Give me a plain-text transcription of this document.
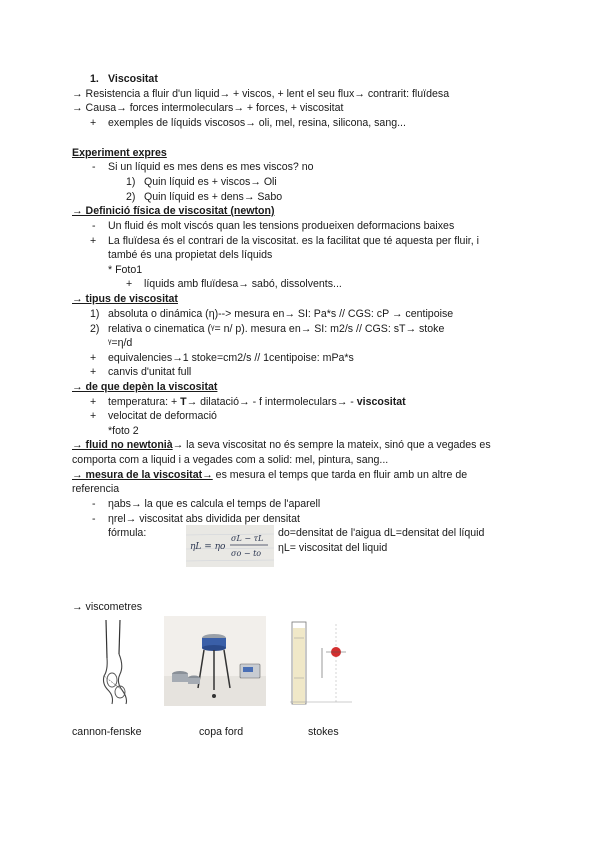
1. Viscositat
→ Resistencia a fluir d'un liquid→ + viscos, + lent el seu flux→ contrarit: fluïdesa
→ Causa→ forces intermoleculars→ + forces, + viscositat
+ exemples de líquids viscosos→ oli, mel, resina, silicona, sang...
Experiment expres
- Si un líquid es mes dens es mes viscos? no
1) Quin líquid es + viscos→ Oli
2) Quin líquid es + dens→ Sabo
→ Definició física de viscositat (newton)
- Un fluid és molt viscós quan les tensions produeixen deformacions baixes
+ La fluïdesa és el contrari de la viscositat. es la facilitat que té aquesta per fluir, i
també és una propietat dels líquids
* Foto1
+ líquids amb fluïdesa→ sabó, dissolvents...
→ tipus de viscositat
1) absoluta o dinámica (η)--> mesura en→ SI: Pa*s // CGS: cP → centipoise
2) relativa o cinematica (ᵞ= n/ p). mesura en→ SI: m2/s // CGS: sT→ stoke
ᵞ=η/d
+ equivalencies→1 stoke=cm2/s // 1centipoise: mPa*s
+ canvis d'unitat full
→ de que depèn la viscositat
+ temperatura: + T→ dilatació→ - f intermoleculars→ - viscositat
+ velocitat de deformació
*foto 2
→ fluid no newtonià→ la seva viscositat no és sempre la mateix, sinó que a vegades es
comporta com a liquid i a vegades com a solid: mel, pintura, sang...
→ mesura de la viscositat→ es mesura el temps que tarda en fluir amb un altre de
referencia
- ηabs→ la que es calcula el temps de l'aparell
- ηrel→ viscositat abs dividida per densitat
fórmula:
ηL = ηo
σL − τL
σo − to
do=densitat de l'aigua dL=densitat del líquid
ηL= viscositat del liquid
→ viscometres
cannon-fenske	copa ford	stokes
